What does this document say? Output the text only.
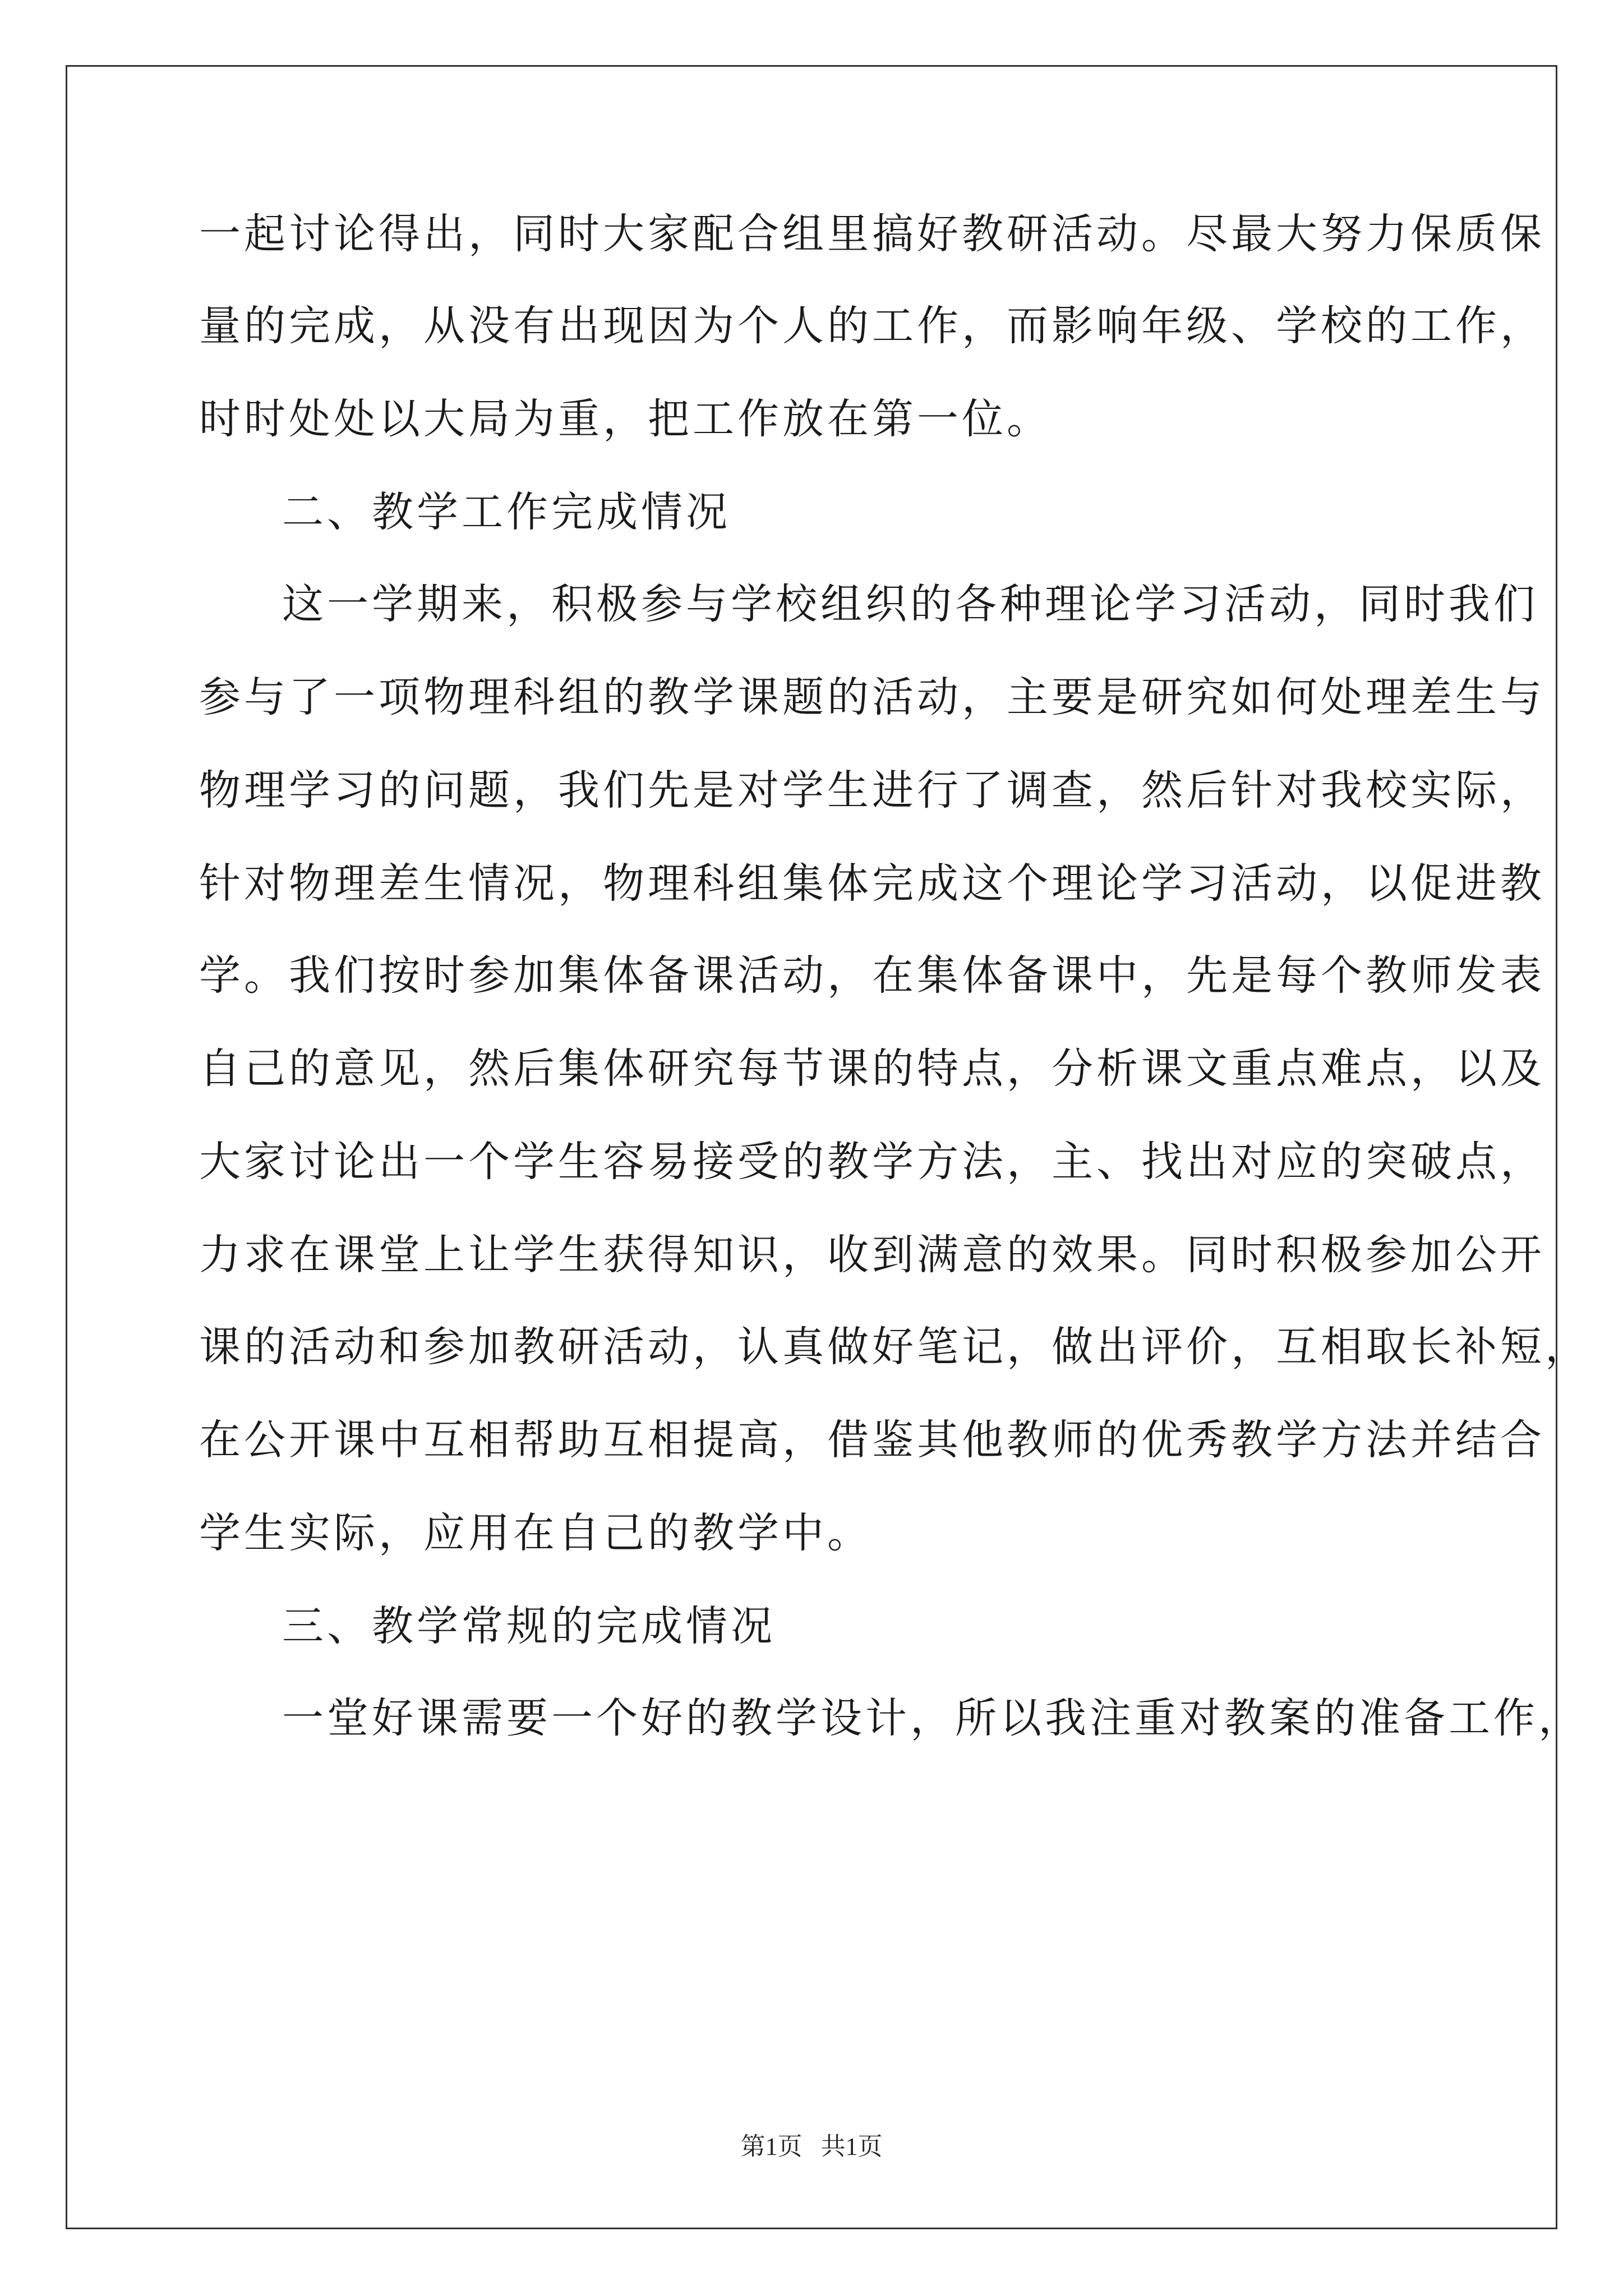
一起讨论得出，同时大家配合组里搞好教研活动。尽最大努力保质保
量的完成，从没有出现因为个人的工作，而影响年级、学校的工作，
时时处处以大局为重，把工作放在第一位。
二、教学工作完成情况
这一学期来，积极参与学校组织的各种理论学习活动，同时我们
参与了一项物理科组的教学课题的活动，主要是研究如何处理差生与
物理学习的问题，我们先是对学生进行了调查，然后针对我校实际，
针对物理差生情况，物理科组集体完成这个理论学习活动，以促进教
学。我们按时参加集体备课活动，在集体备课中，先是每个教师发表
自己的意见，然后集体研究每节课的特点，分析课文重点难点，以及
大家讨论出一个学生容易接受的教学方法，主、找出对应的突破点，
力求在课堂上让学生获得知识，收到满意的效果。同时积极参加公开
课的活动和参加教研活动，认真做好笔记，做出评价，互相取长补短，
在公开课中互相帮助互相提高，借鉴其他教师的优秀教学方法并结合
学生实际，应用在自己的教学中。
三、教学常规的完成情况
一堂好课需要一个好的教学设计，所以我注重对教案的准备工作，
第1页   共1页
